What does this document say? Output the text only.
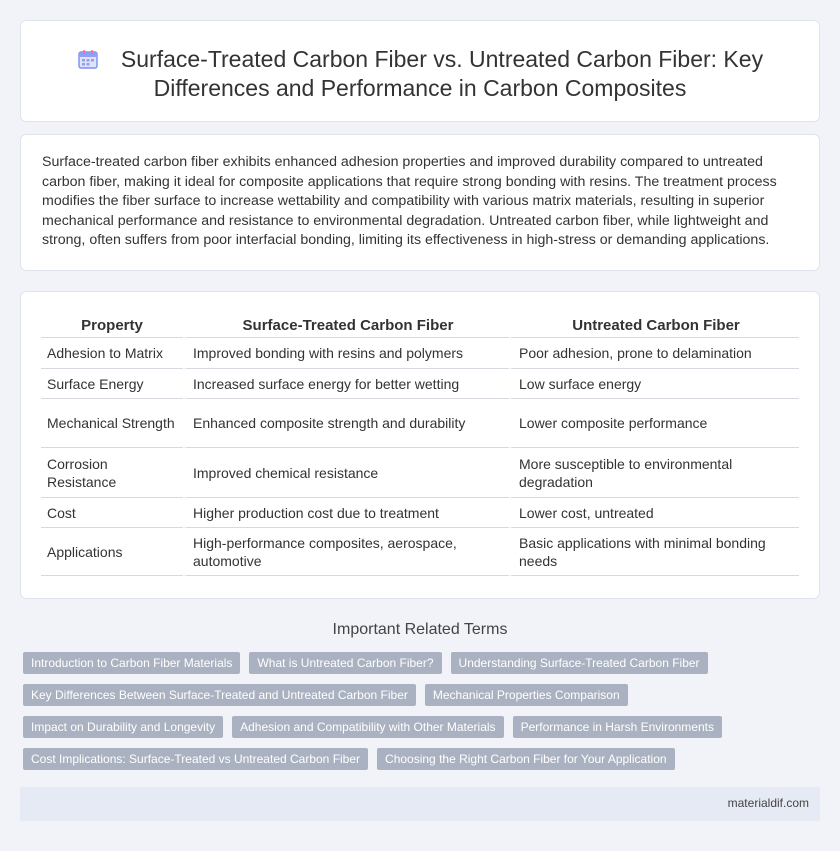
Surface-Treated Carbon Fiber vs. Untreated Carbon Fiber: Key Differences and Performance in Carbon Composites

Surface-treated carbon fiber exhibits enhanced adhesion properties and improved durability compared to untreated carbon fiber, making it ideal for composite applications that require strong bonding with resins. The treatment process modifies the fiber surface to increase wettability and compatibility with various matrix materials, resulting in superior mechanical performance and resistance to environmental degradation. Untreated carbon fiber, while lightweight and strong, often suffers from poor interfacial bonding, limiting its effectiveness in high-stress or demanding applications.

Property	Surface-Treated Carbon Fiber	Untreated Carbon Fiber
Adhesion to Matrix	Improved bonding with resins and polymers	Poor adhesion, prone to delamination
Surface Energy	Increased surface energy for better wetting	Low surface energy
Mechanical Strength	Enhanced composite strength and durability	Lower composite performance
Corrosion Resistance	Improved chemical resistance	More susceptible to environmental degradation
Cost	Higher production cost due to treatment	Lower cost, untreated
Applications	High-performance composites, aerospace, automotive	Basic applications with minimal bonding needs
Important Related Terms
Introduction to Carbon Fiber Materials	What is Untreated Carbon Fiber?	Understanding Surface-Treated Carbon Fiber
Key Differences Between Surface-Treated and Untreated Carbon Fiber	Mechanical Properties Comparison
Impact on Durability and Longevity	Adhesion and Compatibility with Other Materials	Performance in Harsh Environments
Cost Implications: Surface-Treated vs Untreated Carbon Fiber	Choosing the Right Carbon Fiber for Your Application
materialdif.com
